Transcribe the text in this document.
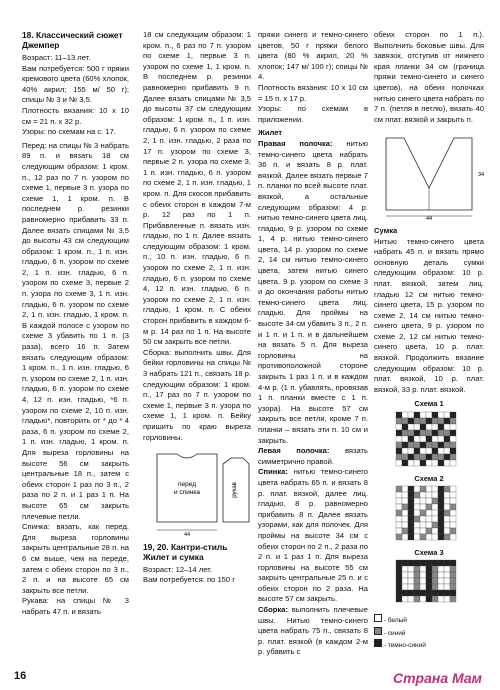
18. Классический сюжет
Джемпер

Возраст: 11–13 лет.

Вам потребуется: 500 г пряжи кремового цвета (60% хлопок, 40% акрил; 155 м/ 50 г); спицы № 3 и № 3,5.

Плотность вязания: 10 x 10 см = 21 п. x 32 р.

Узоры: по схемам на с. 17.

Перед: на спицы № 3 набрать 89 п. и вязать 18 см следующим образом: 1 кром. п., 12 раз по 7 п. узором по схеме 1, первые 3 п. узора по схеме 1, 1 кром. п. В последнем р. резинки равномерно прибавить 33 п. Далее вязать спицами № 3,5 до высоты 43 см следующим образом: 1 кром. п., 1 п. изн. гладью, 6 п. узором по схеме 2, 1 п. изн. гладью, 6 п. узором по схеме 3, первые 2 п. узора по схеме 3, 1 п. изн. гладью, 6 п. узором по схеме 2, 1 п. изн. гладью, 1 кром. п. В каждой полосе с узором по схеме 3 убавить по 1 п. (3 раза), всего 16 п. Затем вязать следующим образом: 1 кром. п., 1 п. изн. гладью, 6 п. узором по схеме 2, 1 п. изн. гладью, 6 п. узором по схеме 4, 12 п. изн. гладью, *6 п. узором по схеме 2, 10 п. изн. гладью*, повторить от * до * 4 раза, 6 п. узором по схеме 2, 1 п. изн. гладью, 1 кром. п. Для выреза горловины на высоте 56 см закрыть центральные 18 п., затем с обеих сторон 1 раз по 3 п., 2 раза по 2 п. и 1 раз 1 п. На высоте 65 см закрыть плечевые петли.

Спинка: вязать, как перед. Для выреза горловины закрыть центральные 28 п. на 6 см выше, чем на переде, затем с обеих сторон по 3 п., 2 п. и на высоте 65 см закрыть все петли.

Рукава: на спицы № 3 набрать 47 п. и вязать

18 см следующим образом: 1 кром. п., 6 раз по 7 п. узором по схеме 1, первые 3 п. узором по схеме 1, 1 кром. п. В последнем р. резинки равномерно прибавить 9 п. Далее вязать спицами № 3,5 до высоты 37 см следующим образом: 1 кром. п., 1 п. изн. гладью, 6 п. узором по схеме 2, 1 п. изн. гладью, 2 раза по 17 п. узором по схеме 3, первые 2 п. узора по схеме 3, 1 п. изн. гладью, 6 п. узором по схеме 2, 1 п. изн. гладью, 1 кром. п. Для скосов прибавить с обеих сторон в каждом 7-м р. 12 раз по 1 п. Прибавленные п. вязать изн. гладью, по 1 п. Далее вязать следующим образом: 1 кром. п., 10 п. изн. гладью, 6 п. узором по схеме 2, 1 п. изн. гладью, 6 п. узором по схеме 4, 12 п. изн. гладью, 6 п. узором по схеме 2, 1 п. изн. гладью, 1 кром. п. С обеих сторон прибавить в каждом 6-м р. 14 раз по 1 п. На высоте 50 см закрыть все петли.

Сборка: выполнить швы. Для бейки горловины на спицы № 3 набрать 121 п., связать 18 р. следующим образом: 1 кром. п., 17 раз по 7 п. узором по схеме 1, первые 3 п. узора по схеме 1, 1 кром. п. Бейку пришить по краю выреза горловины.

перед
и спинка	рукав
44
19, 20. Кантри-стиль
Жилет и сумка

Возраст: 12–14 лет.

Вам потребуется: по 150 г

пряжи синего и темно-синего цветов, 50 г пряжи белого цвета (80 % акрил, 20 % хлопок; 147 м/ 100 г); спицы № 4.

Плотность вязания: 10 x 10 см = 15 п. x 17 р.

Узоры: по схемам в приложении.

Жилет

Правая полочка: нитью темно-синего цвета набрать 36 п. и вязать 8 р. плат. вязкой. Далее вязать первые 7 п. планки по всей высоте плат. вязкой, а остальные следующим образом: 4 р. нитью темно-синего цвета лиц. гладью, 9 р. узором по схеме 1, 4 р. нитью темно-синего цвета, 14 р. узором по схеме 2, 14 см нитью темно-синего цвета, затем нитью синего цвета. 9 р. узором по схеме 3 и до окончания работы нитью темно-синего цвета лиц. гладью. Для проймы на высоте 34 см убавить 3 п., 2 п. и 1 п. и 1 п. и в дальнейшем на вязать 5 п. Для выреза горловины на противоположной стороне закрыть 1 раз 1 п. и в каждом 4-м р. (1 п. убавлять, провязав 1 п. планки вместе с 1 п. узора). На высоте 57 см закрыть все петли, кроме 7 п. планки – вязать эти п. 10 см и закрыть.

Левая полочка: вязать симметрично правой.

Спинка: нитью темно-синего цвета набрать 65 п. и вязать 8 р. плат. вязкой, далее лиц. гладью, 8 р. равномерно прибавить 8 п. Далее вязать узорами, как для полочек. Для проймы на высоте 34 см с обеих сторон по 2 п., 2 раза по 2 п. и 1 раз 1 п. Для выреза горловины на высоте 55 см закрыть центральные 25 п. и с обеих сторон по 2 раза. На высоте 57 см закрыть.

Сборка: выполнить плечевые швы. Нитью темно-синего цвета набрать 75 п., связать 8 р. плат. вязкой (в каждом 2-м р. убавить с

обеих сторон по 1 п.). Выполнить боковые швы. Для завязок, отступив от нижнего края планки 34 см (граница пряжи темно-синего и синего цветов), на обеих полочках нитью синего цвета набрать по 7 п. (петля в петлю), вязать 40 см плат. вязкой и закрыть п.

44
34

Сумка

Нитью темно-синего цвета набрать 45 п. и вязать прямо основную деталь сумки следующим образом: 10 р. плат. вязкой, затем лиц. гладью 12 см нитью темно-синего цвета, 15 р. узором по схеме 2, 14 см нитью темно-синего цвета, 9 р. узором по схеме 2, 12 см нитью темно-синего цвета, 10 р. плат. вязкой. Продолжить вязание следующим образом: 10 р. плат. вязкой, 10 р. плат. вязкой, 33 р. плат. вязкой.

Схема 1
Схема 2
Схема 3
- белый
- синий
- темно-синий
16	Страна Мам
